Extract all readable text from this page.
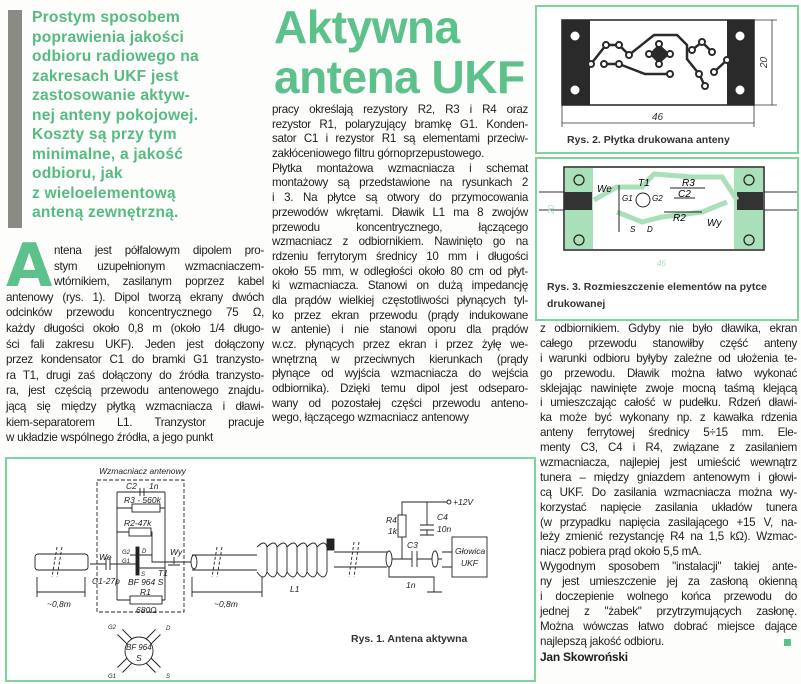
Prostym sposobem
poprawienia jakości
odbioru radiowego na
zakresach UKF jest
zastosowanie aktyw-
nej anteny pokojowej.
Koszty są przy tym
minimalne, a jakość
odbioru, jak
z wieloelementową
anteną zewnętrzną.
Aktywna
antena UKF
A ntena jest półfalowym dipolem pro-
stym uzupełnionym wzmacniaczem-
wtórnikiem, zasilanym poprzez kabel
antenowy (rys. 1). Dipol tworzą ekrany dwóch
odcinków przewodu koncentrycznego 75 Ω,
każdy długości około 0,8 m (około 1/4 długo-
ści fali zakresu UKF). Jeden jest dołączony
przez kondensator C1 do bramki G1 tranzysto-
ra T1, drugi zaś dołączony do źródła tranzysto-
ra, jest częścią przewodu antenowego znajdu-
jącą się między płytką wzmacniacza i dławi-
kiem-separatorem L1. Tranzystor pracuje
w układzie wspólnego źródła, a jego punkt
pracy określają rezystory R2, R3 i R4 oraz
rezystor R1, polaryzujący bramkę G1. Konden-
sator C1 i rezystor R1 są elementami przeciw-
zakłóceniowego filtru górnoprzepustowego.
Płytka montażowa wzmacniacza i schemat
montażowy są przedstawione na rysunkach 2
i 3. Na płytce są otwory do przymocowania
przewodów wkrętami. Dławik L1 ma 8 zwojów
przewodu koncentrycznego, łączącego
wzmacniacz z odbiornikiem. Nawinięto go na
rdzeniu ferrytorym średnicy 10 mm i długości
około 55 mm, w odległości około 80 cm od płyt-
ki wzmacniacza. Stanowi on dużą impedancję
dla prądów wielkiej częstotliwości płynących tyl-
ko przez ekran przewodu (prądy indukowane
w antenie) i nie stanowi oporu dla prądów
w.cz. płynących przez ekran i przez żyłę we-
wnętrzną w przeciwnych kierunkach (prądy
płynące od wyjścia wzmacniacza do wejścia
odbiornika). Dzięki temu dipol jest odseparo-
wany od pozostałej części przewodu anteno-
wego, łączącego wzmacniacz antenowy
z odbiornikiem. Gdyby nie było dławika, ekran
całego przewodu stanowiłby część anteny
i warunki odbioru byłyby zależne od ułożenia te-
go przewodu. Dławik można łatwo wykonać
sklejając nawinięte zwoje mocną taśmą klejącą
i umieszczając całość w pudełku. Rdzeń dławi-
ka może być wykonany np. z kawałka rdzenia
anteny ferrytowej średnicy 5÷15 mm. Ele-
menty C3, C4 i R4, związane z zasilaniem
wzmacniacza, najlepiej jest umieścić wewnątrz
tunera – między gniazdem antenowym i głowi-
cą UKF. Do zasilania wzmacniacza można wy-
korzystać napięcie zasilania układów tunera
(w przypadku napięcia zasilającego +15 V, na-
leży zmienić rezystancję R4 na 1,5 kΩ). Wzmac-
niacz pobiera prąd około 5,5 mA.
Wygodnym sposobem "instalacji" takiej ante-
ny jest umieszczenie jej za zasłoną okienną
i doczepienie wolnego końca przewodu do
jednej z "żabek" przytrzymujących zasłonę.
Można wówczas łatwo dobrać miejsce dające
najlepszą jakość odbioru.
Jan Skowroński
46
20
Rys. 2. Płytka drukowana anteny
R3
C2
R2
T1
G1 G2
S D
We
Wy
46
20
Rys. 3. Rozmieszczenie elementów na pytce
drukowanej
Wzmacniacz antenowy
C2 1n
R3 - 560k
R2-47k
G2
G1
D
S T1
BF 964 S
R1
680Ω
We	Wy
C1-27p
~0,8m	~0,8m
L1
R4
1k
C4
10n
+12V
C3
1n
Głowica
UKF
BF 964
S
G2	D
G1	S
Rys. 1. Antena aktywna
